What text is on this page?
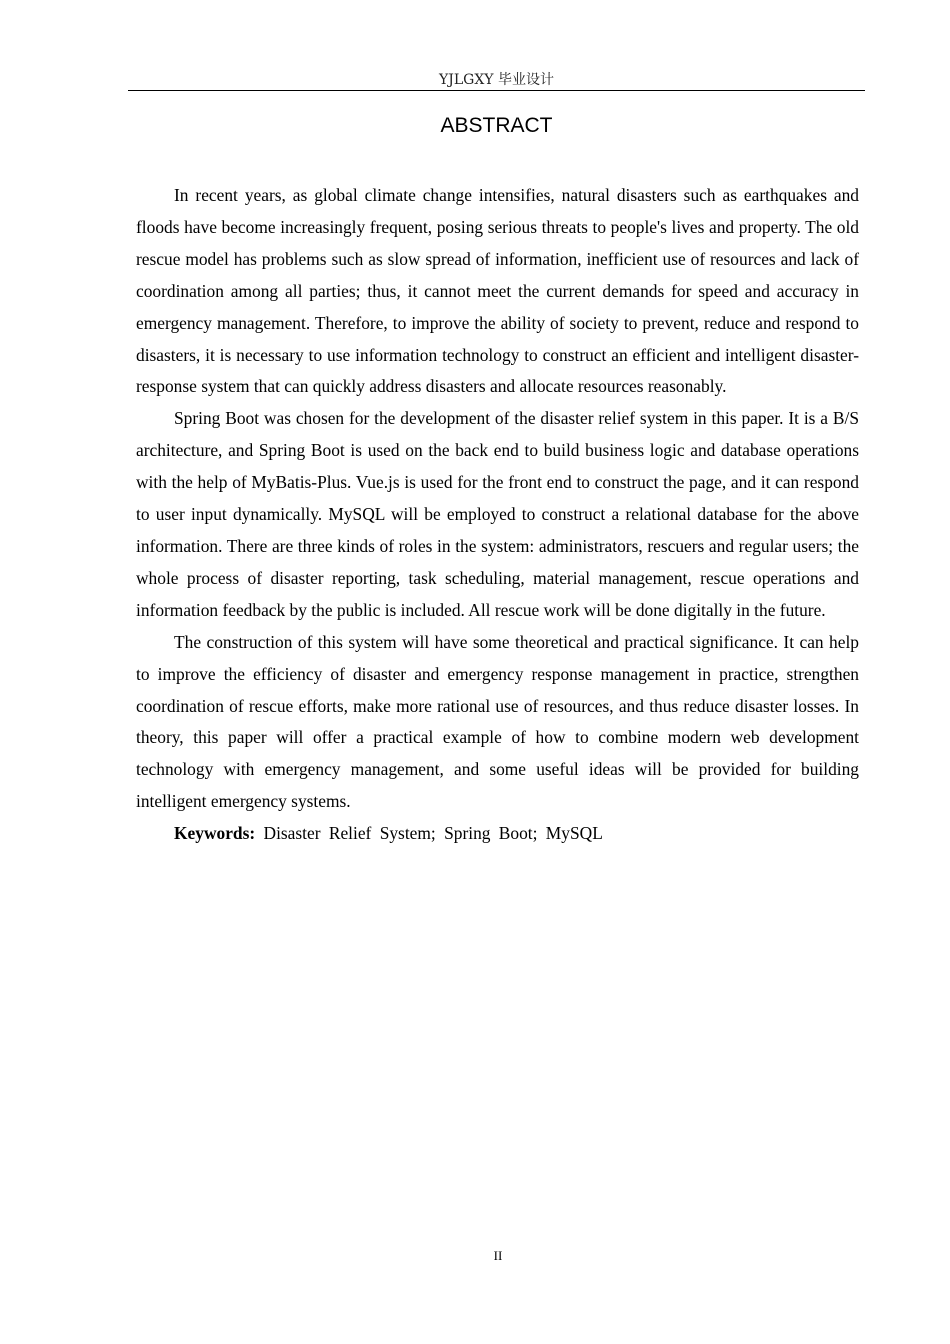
YJLGXY 毕业设计
ABSTRACT

In recent years, as global climate change intensifies, natural disasters such as earthquakes and floods have become increasingly frequent, posing serious threats to people's lives and property. The old rescue model has problems such as slow spread of information, inefficient use of resources and lack of coordination among all parties; thus, it cannot meet the current demands for speed and accuracy in emergency management. Therefore, to improve the ability of society to prevent, reduce and respond to disasters, it is necessary to use information technology to construct an efficient and intelligent disaster-response system that can quickly address disasters and allocate resources reasonably.

Spring Boot was chosen for the development of the disaster relief system in this paper. It is a B/S architecture, and Spring Boot is used on the back end to build business logic and database operations with the help of MyBatis-Plus. Vue.js is used for the front end to construct the page, and it can respond to user input dynamically. MySQL will be employed to construct a relational database for the above information. There are three kinds of roles in the system: administrators, rescuers and regular users; the whole process of disaster reporting, task scheduling, material management, rescue operations and information feedback by the public is included. All rescue work will be done digitally in the future.

The construction of this system will have some theoretical and practical significance. It can help to improve the efficiency of disaster and emergency response management in practice, strengthen coordination of rescue efforts, make more rational use of resources, and thus reduce disaster losses. In theory, this paper will offer a practical example of how to combine modern web development technology with emergency management, and some useful ideas will be provided for building intelligent emergency systems.

Keywords: Disaster Relief System; Spring Boot; MySQL

II
